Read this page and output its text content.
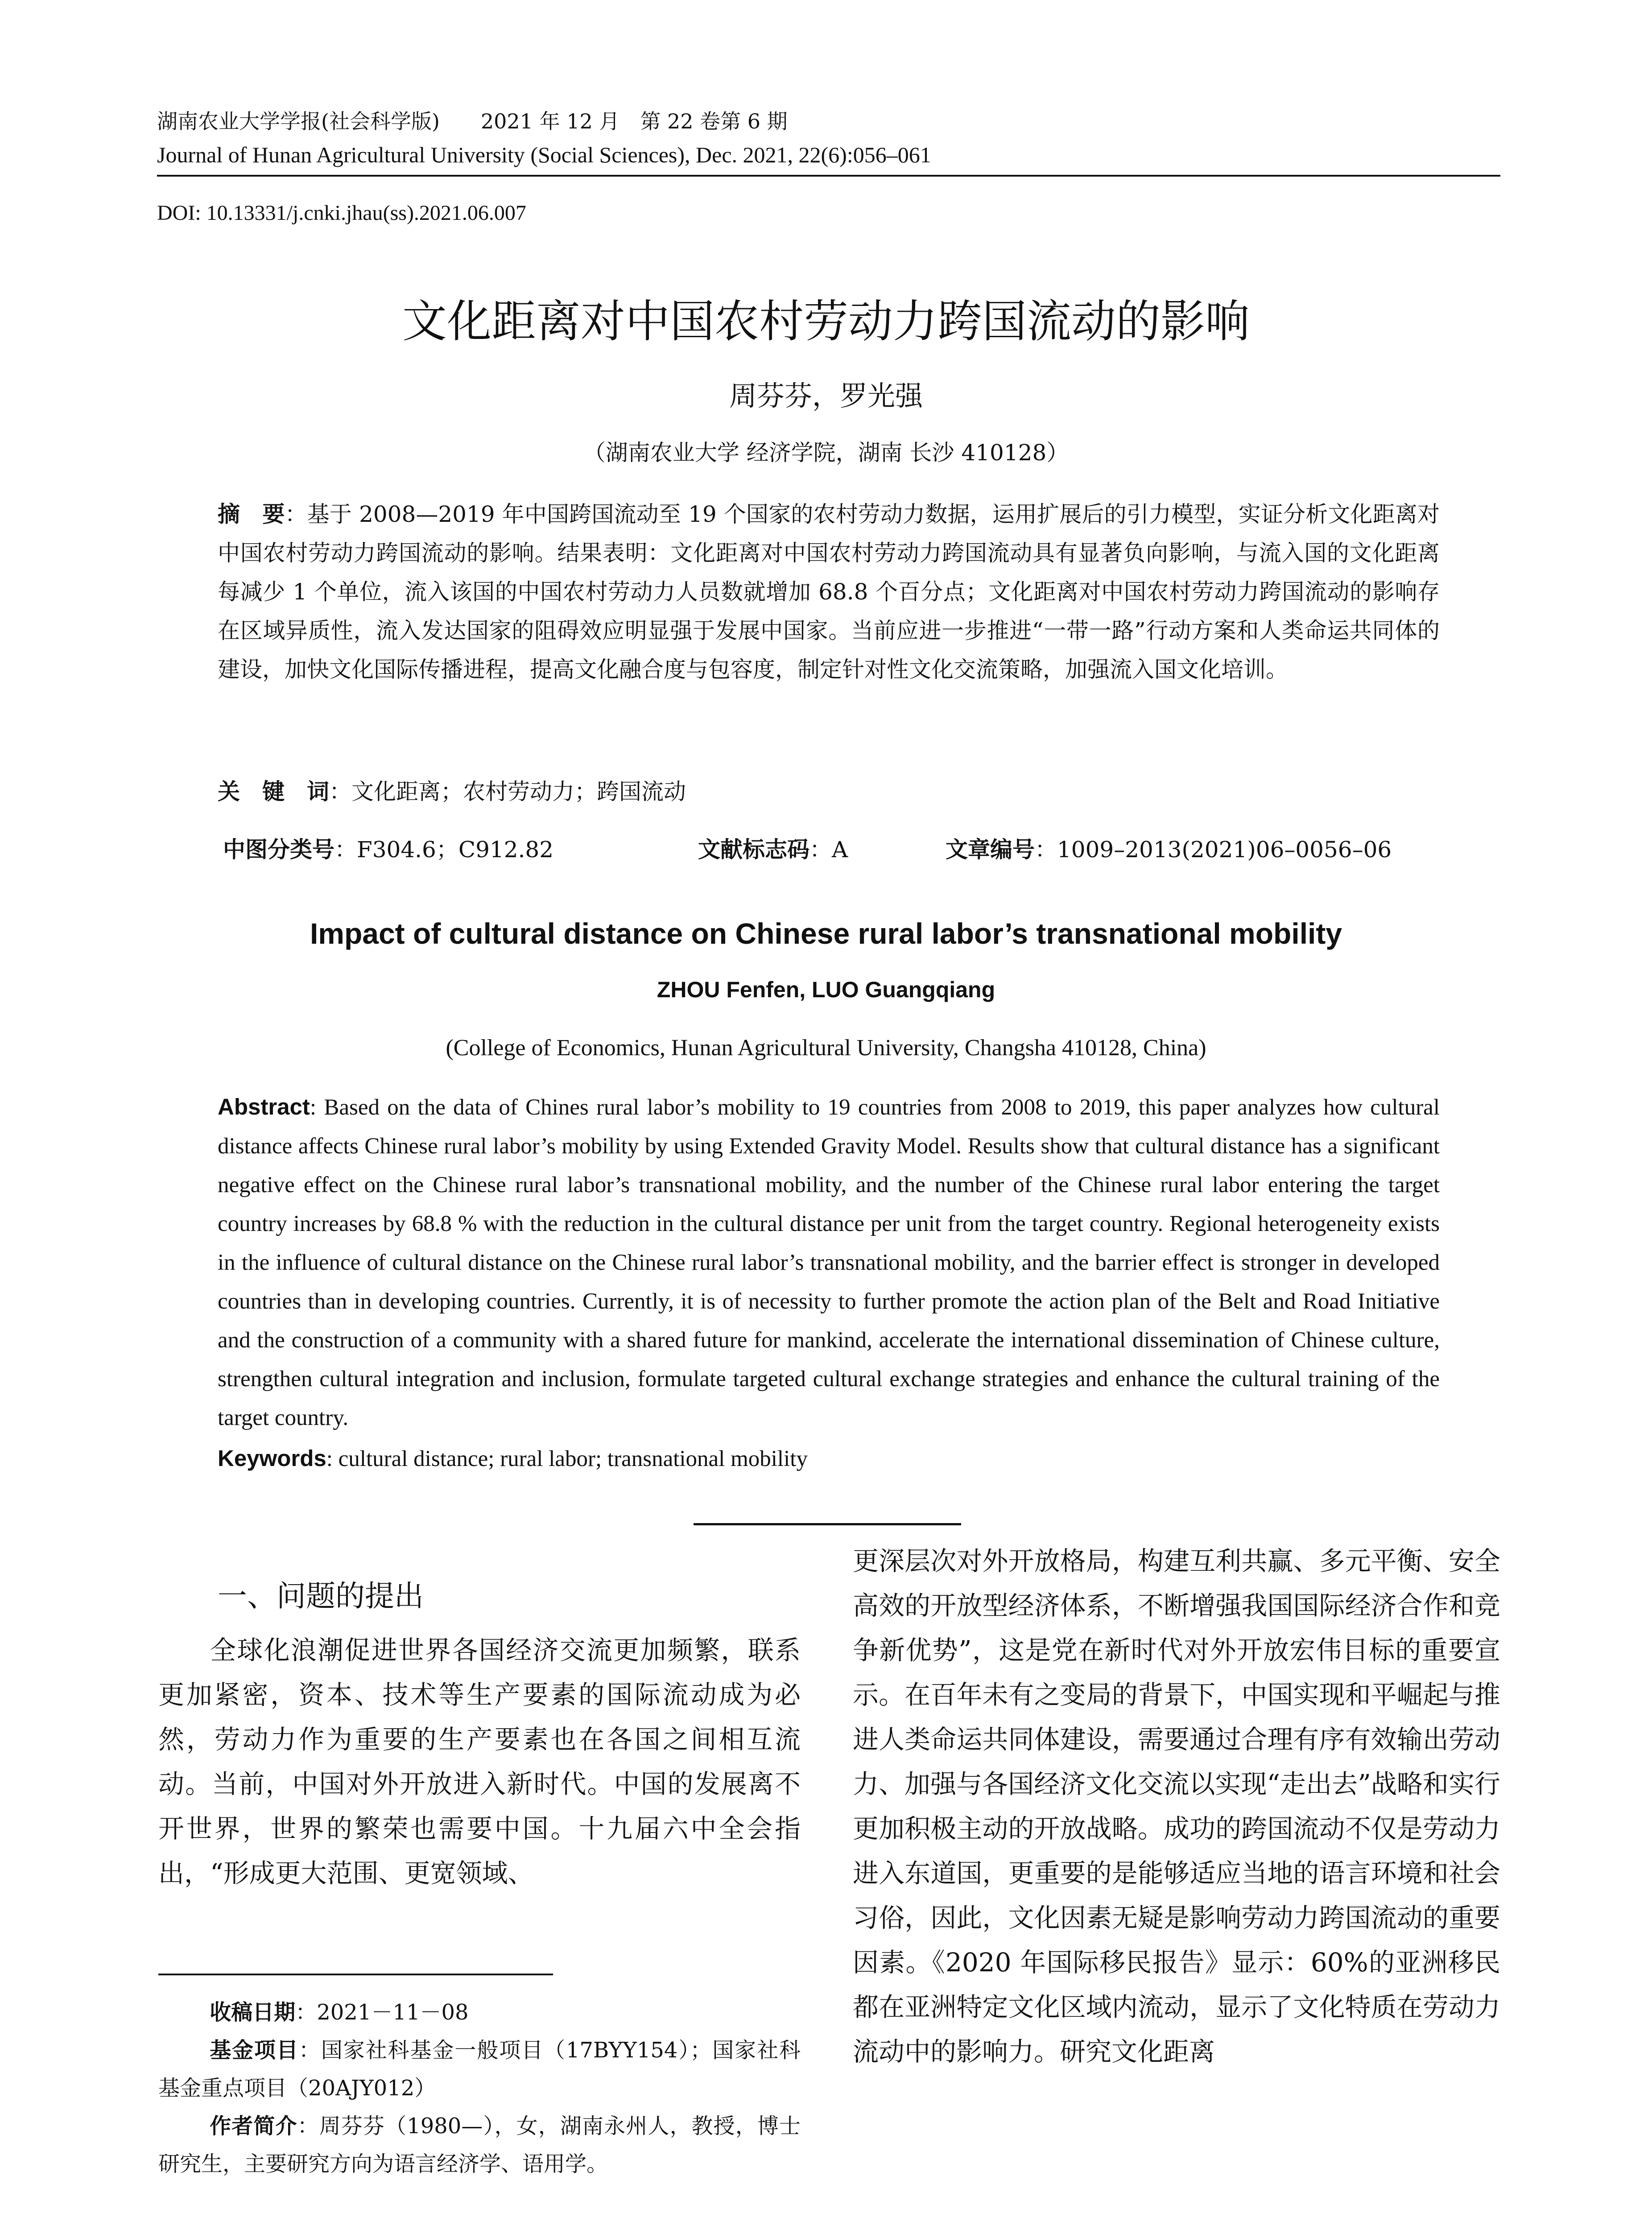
湖南农业大学学报(社会科学版)　　2021 年 12 月　第 22 卷第 6 期
Journal of Hunan Agricultural University (Social Sciences), Dec. 2021, 22(6):056–061
DOI: 10.13331/j.cnki.jhau(ss).2021.06.007
文化距离对中国农村劳动力跨国流动的影响
周芬芬，罗光强
（湖南农业大学 经济学院，湖南 长沙 410128）
摘　要：基于 2008—2019 年中国跨国流动至 19 个国家的农村劳动力数据，运用扩展后的引力模型，实证分析文化距离对中国农村劳动力跨国流动的影响。结果表明：文化距离对中国农村劳动力跨国流动具有显著负向影响，与流入国的文化距离每减少 1 个单位，流入该国的中国农村劳动力人员数就增加 68.8 个百分点；文化距离对中国农村劳动力跨国流动的影响存在区域异质性，流入发达国家的阻碍效应明显强于发展中国家。当前应进一步推进“一带一路”行动方案和人类命运共同体的建设，加快文化国际传播进程，提高文化融合度与包容度，制定针对性文化交流策略，加强流入国文化培训。
关　键　词：文化距离；农村劳动力；跨国流动
中图分类号：F304.6；C912.82	文献标志码：A	文章编号：1009–2013(2021)06–0056–06
Impact of cultural distance on Chinese rural labor’s transnational mobility
ZHOU Fenfen, LUO Guangqiang
(College of Economics, Hunan Agricultural University, Changsha 410128, China)
Abstract: Based on the data of Chines rural labor’s mobility to 19 countries from 2008 to 2019, this paper analyzes how cultural distance affects Chinese rural labor’s mobility by using Extended Gravity Model. Results show that cultural distance has a significant negative effect on the Chinese rural labor’s transnational mobility, and the number of the Chinese rural labor entering the target country increases by 68.8 % with the reduction in the cultural distance per unit from the target country. Regional heterogeneity exists in the influence of cultural distance on the Chinese rural labor’s transnational mobility, and the barrier effect is stronger in developed countries than in developing countries. Currently, it is of necessity to further promote the action plan of the Belt and Road Initiative and the construction of a community with a shared future for mankind, accelerate the international dissemination of Chinese culture, strengthen cultural integration and inclusion, formulate targeted cultural exchange strategies and enhance the cultural training of the target country.
Keywords: cultural distance; rural labor; transnational mobility
一、问题的提出

全球化浪潮促进世界各国经济交流更加频繁，联系更加紧密，资本、技术等生产要素的国际流动成为必然，劳动力作为重要的生产要素也在各国之间相互流动。当前，中国对外开放进入新时代。中国的发展离不开世界，世界的繁荣也需要中国。十九届六中全会指出，“形成更大范围、更宽领域、

更深层次对外开放格局，构建互利共赢、多元平衡、安全高效的开放型经济体系，不断增强我国国际经济合作和竞争新优势”，这是党在新时代对外开放宏伟目标的重要宣示。在百年未有之变局的背景下，中国实现和平崛起与推进人类命运共同体建设，需要通过合理有序有效输出劳动力、加强与各国经济文化交流以实现“走出去”战略和实行更加积极主动的开放战略。成功的跨国流动不仅是劳动力进入东道国，更重要的是能够适应当地的语言环境和社会习俗，因此，文化因素无疑是影响劳动力跨国流动的重要因素。《2020 年国际移民报告》显示：60%的亚洲移民都在亚洲特定文化区域内流动，显示了文化特质在劳动力流动中的影响力。研究文化距离

收稿日期：2021－11－08

基金项目：国家社科基金一般项目（17BYY154）；国家社科基金重点项目（20AJY012）

作者简介：周芬芬（1980—），女，湖南永州人，教授，博士研究生，主要研究方向为语言经济学、语用学。
